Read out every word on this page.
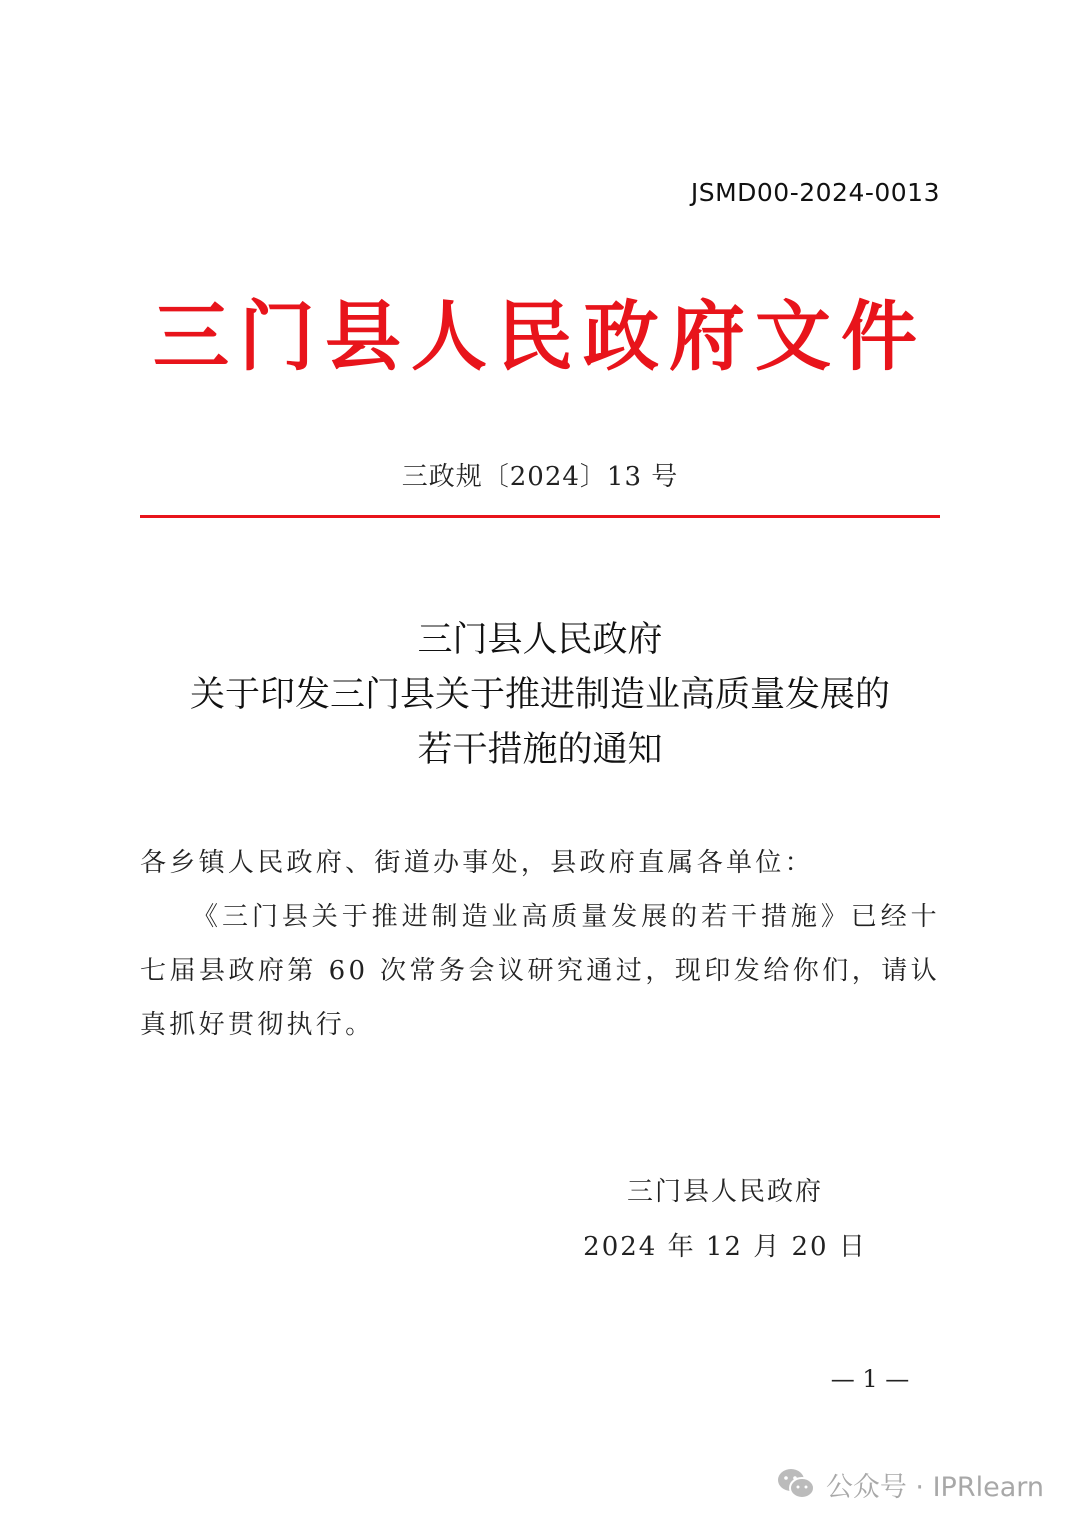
JSMD00-2024-0013
三门县人民政府文件
三政规〔2024〕13 号
三门县人民政府
关于印发三门县关于推进制造业高质量发展的
若干措施的通知

各乡镇人民政府、街道办事处，县政府直属各单位：

《三门县关于推进制造业高质量发展的若干措施》已经十七届县政府第 60 次常务会议研究通过，现印发给你们，请认真抓好贯彻执行。

三门县人民政府
2024 年 12 月 20 日
— 1 —
公众号 · IPRlearn
